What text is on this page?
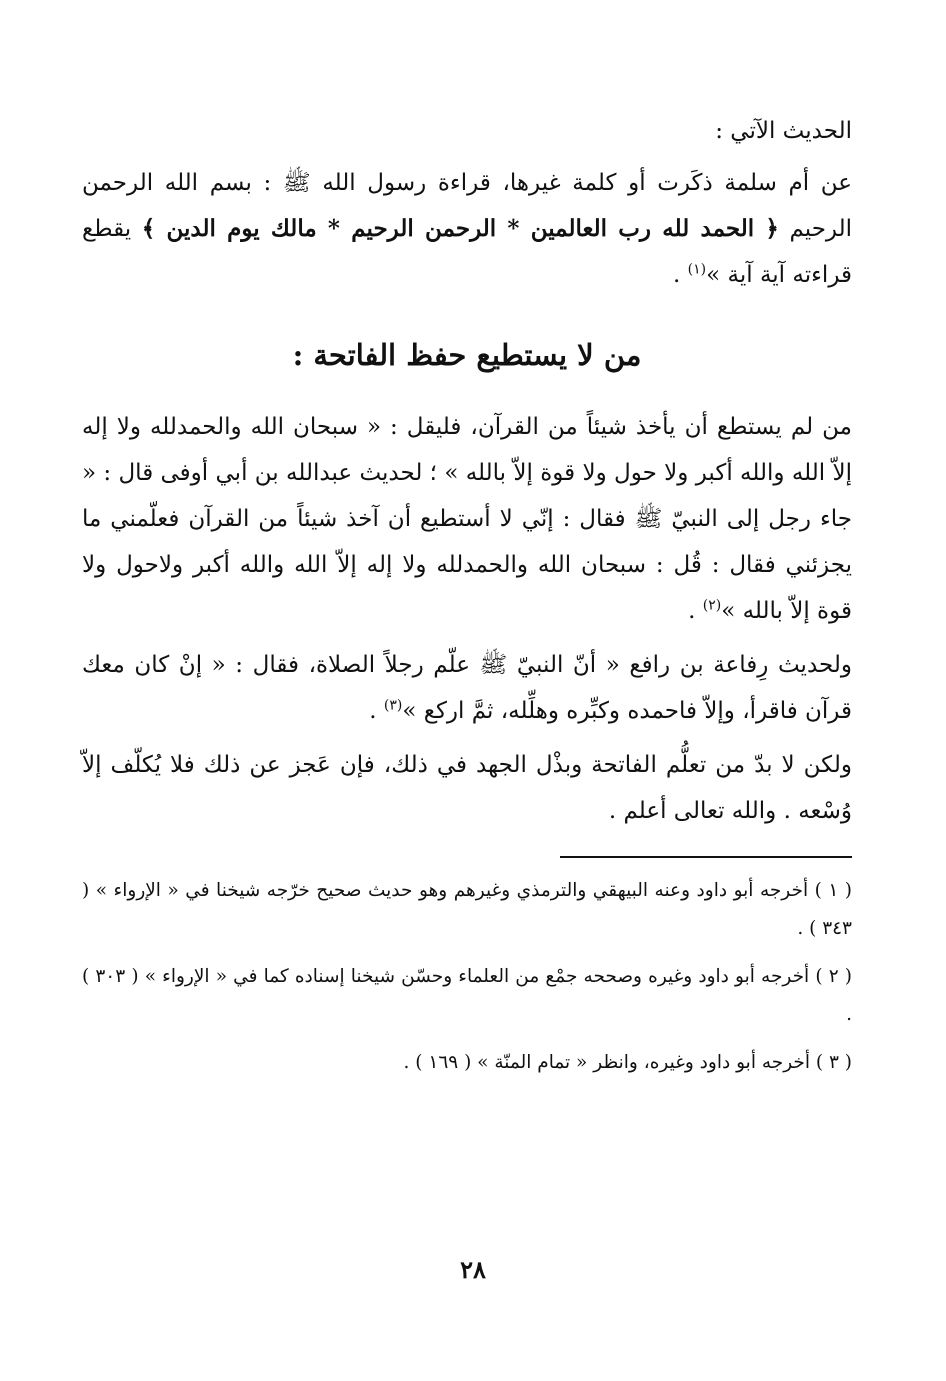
الحديث الآتي :

عن أم سلمة ذكَرت أو كلمة غيرها، قراءة رسول الله ﷺ : بسم الله الرحمن الرحيم ﴿ الحمد لله رب العالمين * الرحمن الرحيم * مالك يوم الدين ﴾ يقطع قراءته آية آية »$^{(١)}$ .

من لا يستطيع حفظ الفاتحة :

من لم يستطع أن يأخذ شيئاً من القرآن، فليقل : « سبحان الله والحمدلله ولا إله إلاّ الله والله أكبر ولا حول ولا قوة إلاّ بالله » ؛ لحديث عبدالله بن أبي أوفى قال : « جاء رجل إلى النبيّ ﷺ فقال : إنّي لا أستطيع أن آخذ شيئاً من القرآن فعلّمني ما يجزئني فقال : قُل : سبحان الله والحمدلله ولا إله إلاّ الله والله أكبر ولاحول ولا قوة إلاّ بالله »$^{(٢)}$ .

ولحديث رِفاعة بن رافع « أنّ النبيّ ﷺ علّم رجلاً الصلاة، فقال : « إنْ كان معك قرآن فاقرأ، وإلاّ فاحمده وكبِّره وهلِّله، ثمَّ اركع »$^{(٣)}$ .

ولكن لا بدّ من تعلُّم الفاتحة وبذْل الجهد في ذلك، فإن عَجز عن ذلك فلا يُكلّف إلاّ وُسْعه . والله تعالى أعلم .

( ١ ) أخرجه أبو داود وعنه البيهقي والترمذي وغيرهم وهو حديث صحيح خرّجه شيخنا في « الإرواء » ( ٣٤٣ ) .

( ٢ ) أخرجه أبو داود وغيره وصححه جمْع من العلماء وحسّن شيخنا إسناده كما في « الإرواء » ( ٣٠٣ ) .

( ٣ ) أخرجه أبو داود وغيره، وانظر « تمام المنّة » ( ١٦٩ ) .

٢٨
